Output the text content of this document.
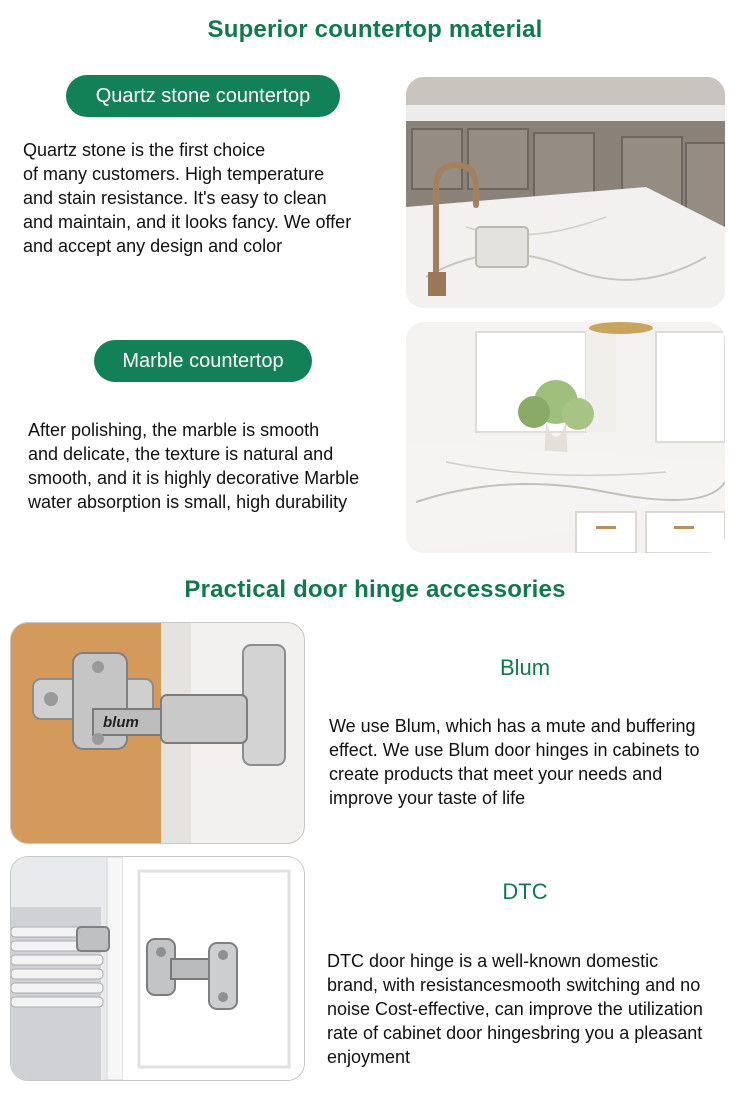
Superior countertop material
Quartz stone countertop
Quartz stone is the first choice
of many customers. High temperature
and stain resistance. It's easy to clean
and maintain, and it looks fancy. We offer
and accept any design and color
Marble countertop
After polishing, the marble is smooth
and delicate, the texture is natural and
smooth, and it is highly decorative Marble
water absorption is small, high durability
Practical door hinge accessories
blum
Blum
We use Blum, which has a mute and buffering
effect. We use Blum door hinges in cabinets to
create products that meet your needs and
improve your taste of life
DTC
DTC door hinge is a well-known domestic
brand, with resistancesmooth switching and no
noise Cost-effective, can improve the utilization
rate of cabinet door hingesbring you a pleasant
enjoyment
